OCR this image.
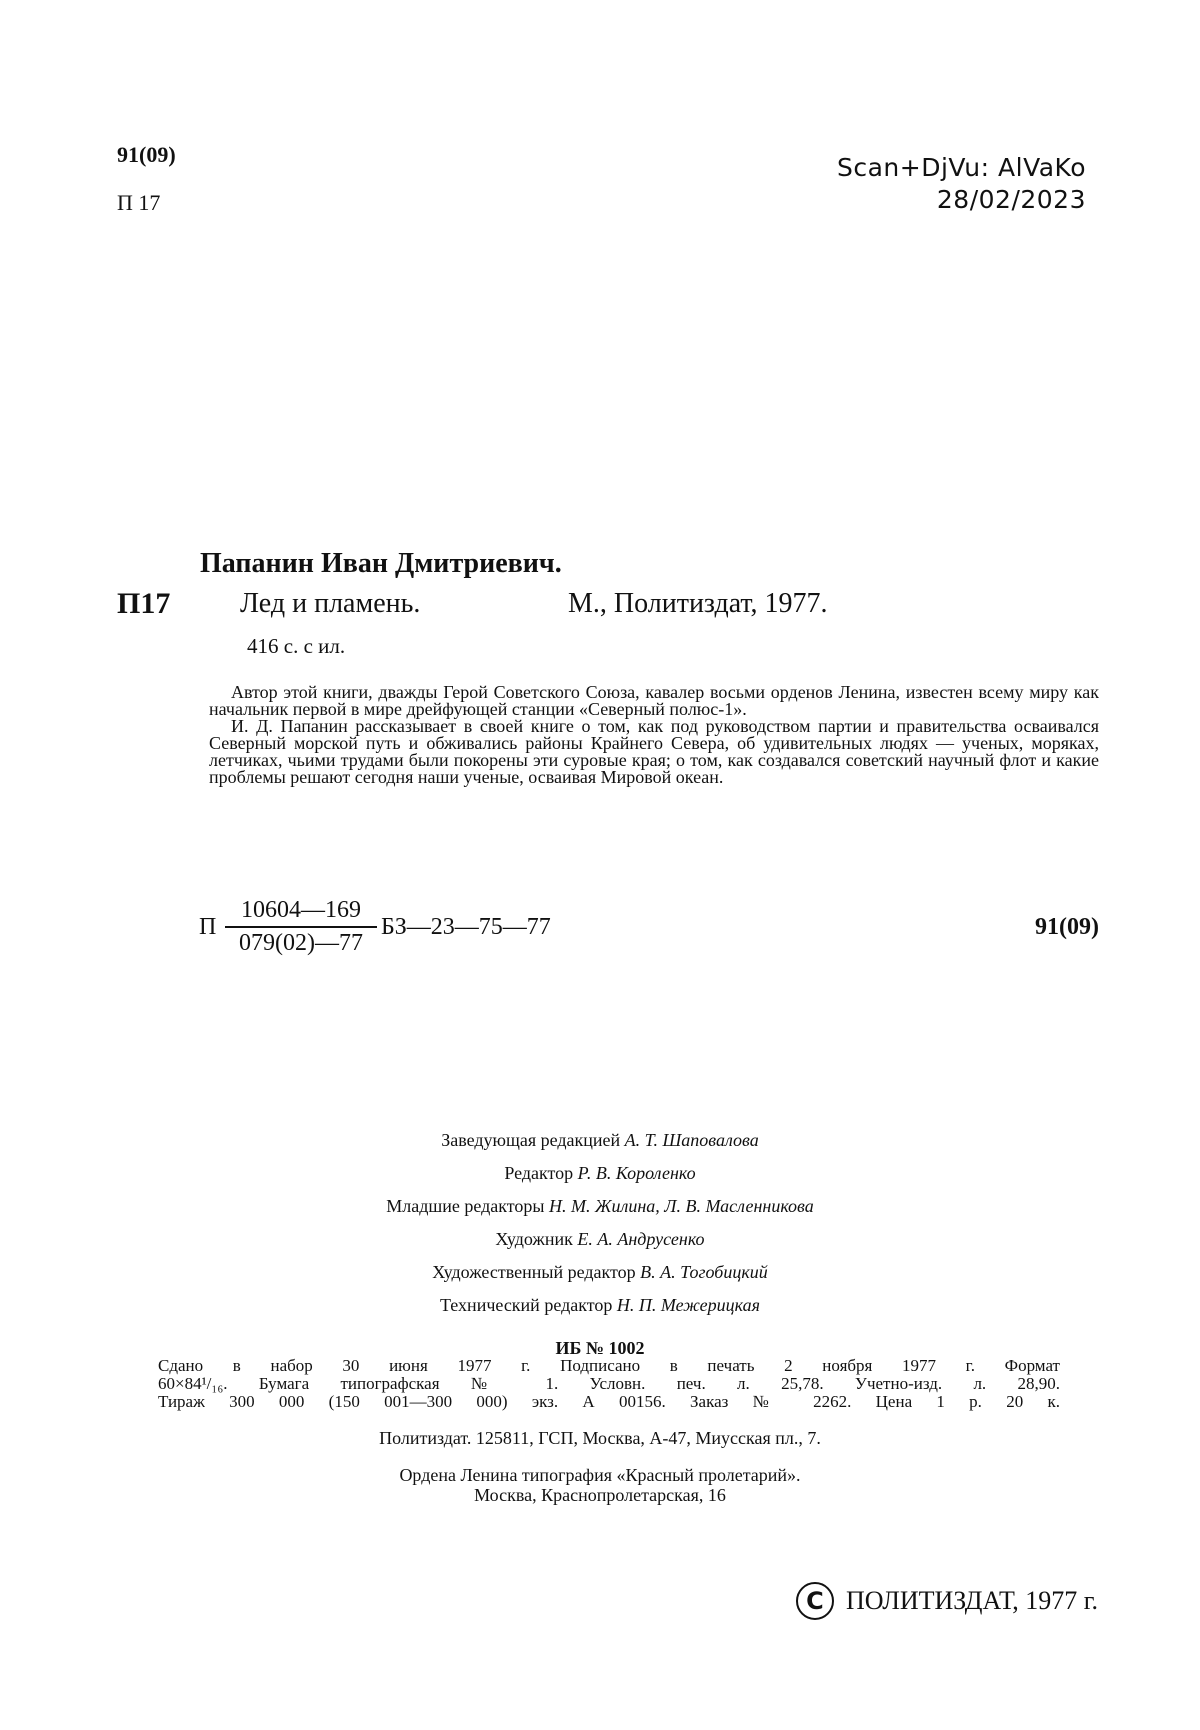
91(09)
П 17
Scan+DjVu: AlVaKo
28/02/2023
Папанин Иван Дмитриевич.
П17 Лед и пламень.	М., Политиздат, 1977.
416 с. с ил.

Автор этой книги, дважды Герой Советского Союза, кавалер восьми орденов Ленина, известен всему миру как начальник первой в мире дрейфующей станции «Северный полюс-1».

И. Д. Папанин рассказывает в своей книге о том, как под руководством партии и правительства осваивался Северный морской путь и обживались районы Крайнего Севера, об удивительных людях — ученых, моряках, летчиках, чьими трудами были покорены эти суровые края; о том, как создавался советский научный флот и какие проблемы решают сегодня наши ученые, осваивая Мировой океан.

П $\frac{10604—169}{079(02)—77}$ БЗ—23—75—77	91(09)
Заведующая редакцией А. Т. Шаповалова
Редактор Р. В. Короленко
Младшие редакторы Н. М. Жилина, Л. В. Масленникова
Художник Е. А. Андрусенко
Художественный редактор В. А. Тогобицкий
Технический редактор Н. П. Межерицкая
ИБ № 1002
Сдано в набор 30 июня 1977 г. Подписано в печать 2 ноября 1977 г. Формат
60×84¹/₁₆. Бумага типографская № 1. Условн. печ. л. 25,78. Учетно-изд. л. 28,90.
Тираж 300 000 (150 001—300 000) экз. А 00156. Заказ № 2262. Цена 1 р. 20 к.
Политиздат. 125811, ГСП, Москва, А-47, Миусская пл., 7.
Ордена Ленина типография «Красный пролетарий».
Москва, Краснопролетарская, 16
C ПОЛИТИЗДАТ, 1977 г.
